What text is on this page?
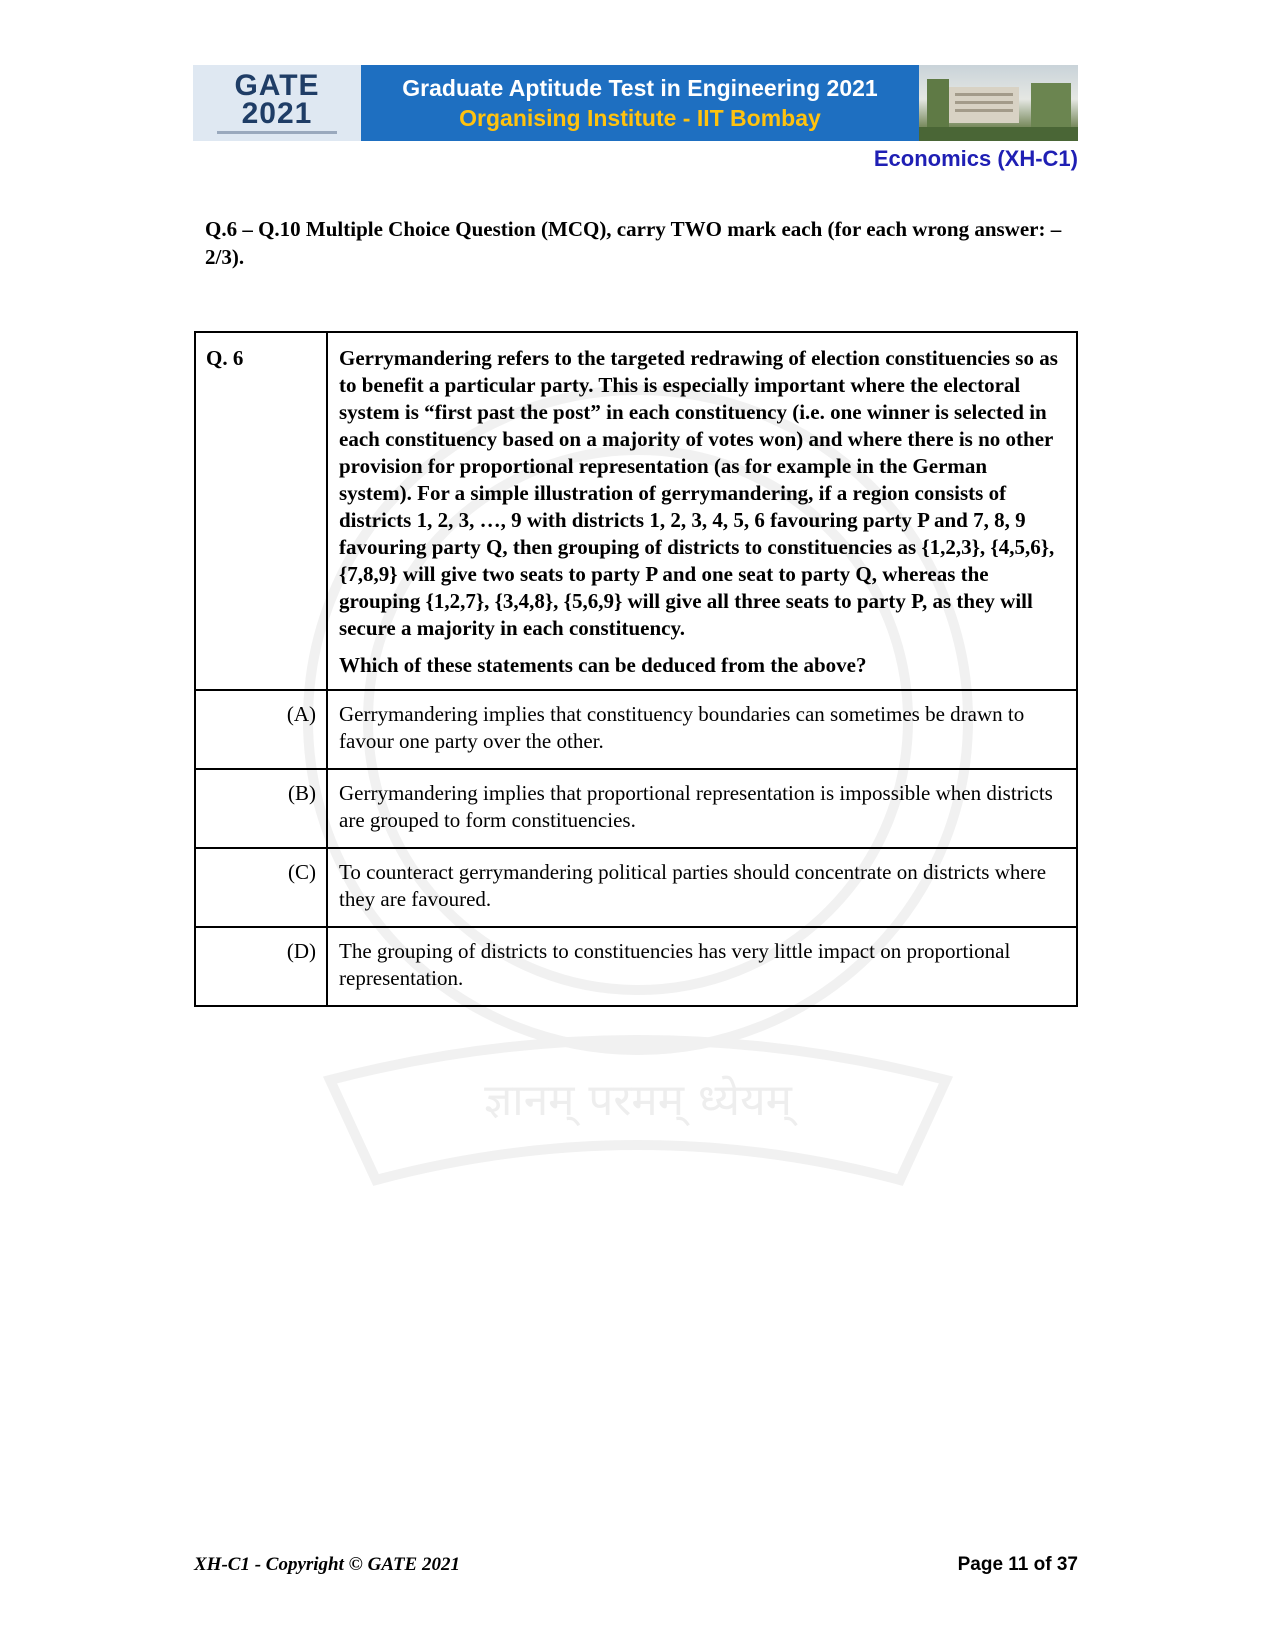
ज्ञानम् परमम् ध्येयम्
GATE
2021
Graduate Aptitude Test in Engineering 2021
Organising Institute - IIT Bombay
Economics (XH-C1)
Q.6 – Q.10 Multiple Choice Question (MCQ), carry TWO mark each (for each wrong answer: – 2/3).
Q. 6	Gerrymandering refers to the targeted redrawing of election constituencies so as to benefit a particular party. This is especially important where the electoral system is “first past the post” in each constituency (i.e. one winner is selected in each constituency based on a majority of votes won) and where there is no other provision for proportional representation (as for example in the German system). For a simple illustration of gerrymandering, if a region consists of districts 1, 2, 3, …, 9 with districts 1, 2, 3, 4, 5, 6 favouring party P and 7, 8, 9 favouring party Q, then grouping of districts to constituencies as {1,2,3}, {4,5,6}, {7,8,9} will give two seats to party P and one seat to party Q, whereas the grouping {1,2,7}, {3,4,8}, {5,6,9} will give all three seats to party P, as they will secure a majority in each constituency.

Which of these statements can be deduced from the above?

(A)	Gerrymandering implies that constituency boundaries can sometimes be drawn to favour one party over the other.
(B)	Gerrymandering implies that proportional representation is impossible when districts are grouped to form constituencies.
(C)	To counteract gerrymandering political parties should concentrate on districts where they are favoured.
(D)	The grouping of districts to constituencies has very little impact on proportional representation.
XH-C1 - Copyright © GATE 2021	Page 11 of 37
